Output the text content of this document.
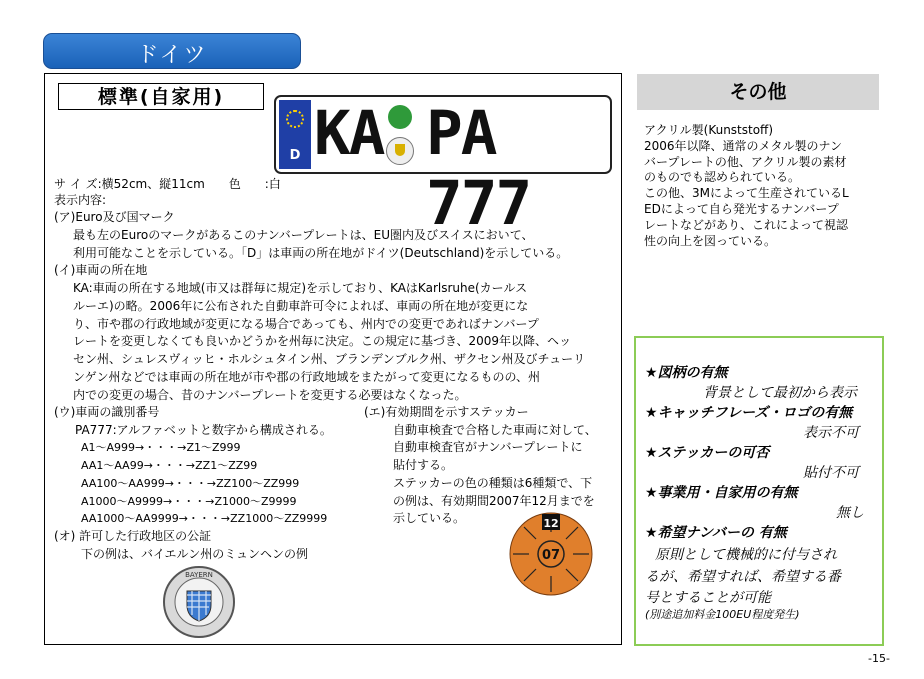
ドイツ
標準(自家用)
D KA PA 777
サ イ ズ:横52cm、縦11cm　　色　　:白
表示内容:
(ア)Euro及び国マーク
最も左のEuroのマークがあるこのナンバープレートは、EU圏内及びスイスにおいて、
利用可能なことを示している。「D」は車両の所在地がドイツ(Deutschland)を示している。
(イ)車両の所在地
KA:車両の所在する地域(市又は群毎に規定)を示しており、KAはKarlsruhe(カールス
ルーエ)の略。2006年に公布された自動車許可令によれば、車両の所在地が変更にな
り、市や郡の行政地域が変更になる場合であっても、州内での変更であればナンバープ
レートを変更しなくても良いかどうかを州毎に決定。この規定に基づき、2009年以降、ヘッ
セン州、シュレスヴィッヒ・ホルシュタイン州、ブランデンブルク州、ザクセン州及びチューリ
ンゲン州などでは車両の所在地が市や郡の行政地域をまたがって変更になるものの、州
内での変更の場合、昔のナンバープレートを変更する必要はなくなった。
(ウ)車両の識別番号
PA777:アルファベットと数字から構成される。
A1～A999→・・・→Z1～Z999
AA1～AA99→・・・→ZZ1～ZZ99
AA100～AA999→・・・→ZZ100～ZZ999
A1000～A9999→・・・→Z1000～Z9999
AA1000～AA9999→・・・→ZZ1000～ZZ9999
(オ) 許可した行政地区の公証
下の例は、バイエルン州のミュンヘンの例
(エ)有効期間を示すステッカー
自動車検査で合格した車両に対して、
自動車検査官がナンバープレートに
貼付する。
ステッカーの色の種類は6種類で、下
の例は、有効期間2007年12月までを
示している。
BAYERN
12
07
その他
アクリル製(Kunststoff)
2006年以降、通常のメタル製のナン
バープレートの他、アクリル製の素材
のものでも認められている。
この他、3Mによって生産されているL
EDによって自ら発光するナンバープ
レートなどがあり、これによって視認
性の向上を図っている。
★図柄の有無
背景として最初から表示
★キャッチフレーズ・ロゴの有無
表示不可
★ステッカーの可否
貼付不可
★事業用・自家用の有無
無し
★希望ナンバーの 有無
原則として機械的に付与され
るが、希望すれば、希望する番
号とすることが可能
(別途追加料金100EU程度発生)
-15-
